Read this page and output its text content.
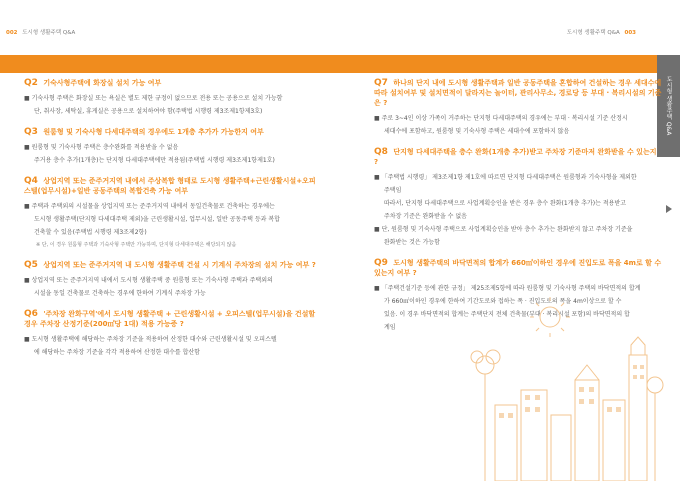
002 도시형 생활주택 Q&A	도시형 생활주택 Q&A 003
도시형 생활주택 Q&A
Q2 기숙사형주택에 화장실 설치 가능 여부

■ 기숙사형 주택은 화장실 또는 욕실은 별도 제한 규정이 없으므로 전용 또는 공용으로 설치 가능함

단, 취사장, 세탁실, 휴게실은 공용으로 설치하여야 함(주택법 시행령 제3조제1항제3호)

Q3 원룸형 및 기숙사형 다세대주택의 경우에도 1개층 추가가 가능한지 여부

■ 원룸형 및 기숙사형 주택은 층수완화를 적용받을 수 없음

주거용 층수 추가(1개층)는 단지형 다세대주택에만 적용됨(주택법 시행령 제3조제1항제1호)

Q4 상업지역 또는 준주거지역 내에서 주상복합 형태로 도시형 생활주택+근린생활시설+오피스텔(업무시설)+일반 공동주택의 복합건축 가능 여부

■ 주택과 주택외의 시설물을 상업지역 또는 준주거지역 내에서 동일건축물로 건축하는 경우에는

도시형 생활주택(단지형 다세대주택 제외)을 근린생활시설, 업무시설, 일반 공동주택 등과 복합

건축할 수 있음(주택법 시행령 제3조제2항)

※ 단, 이 경우 원룸형 주택과 기숙사형 주택만 가능하며, 단지형 다세대주택은 해당되지 않음
Q5 상업지역 또는 준주거지역 내 도시형 생활주택 건설 시 기계식 주차장의 설치 가능 여부 ?

■ 상업지역 또는 준주거지역 내에서 도시형 생활주택 중 원룸형 또는 기숙사형 주택과 주택외의

시설을 동일 건축물로 건축하는 경우에 한하여 기계식 주차장 가능

Q6 '주차장 완화구역'에서 도시형 생활주택 + 근린생활시설 + 오피스텔(업무시설)을 건설할 경우 주차장 산정기준(200㎡당 1대) 적용 가능증 ?

■ 도시형 생활주택에 해당하는 주차장 기준을 적용하여 산정한 대수와 근린생활시설 및 오피스텔

에 해당하는 주차장 기준을 각각 적용하여 산정한 대수를 합산함

Q7 하나의 단지 내에 도시형 생활주택과 일반 공동주택을 혼합하여 건설하는 경우 세대수에 따라 설치여부 및 설치면적이 달라지는 놀이터, 관리사무소, 경로당 등 부대 · 복리시설의 기준은 ?

■ 주로 3~4인 이상 가족이 거주하는 단지형 다세대주택의 경우에는 부대 · 복리시설 기준 산정시

세대수에 포함하고, 원룸형 및 기숙사형 주택은 세대수에 포함하지 않음

Q8 단지형 다세대주택을 층수 완화(1개층 추가)받고 주차장 기준마저 완화받을 수 있는지 ?

■ 「주택법 시행령」 제3조제1항 제1호에 따르면 단지형 다세대주택은 원룸형과 기숙사형을 제외한

주택임

따라서, 단지형 다세대주택으로 사업계획승인을 받은 경우 층수 완화(1개층 추가)는 적용받고

주차장 기준은 완화받을 수 없음

■ 단, 원룸형 및 기숙사형 주택으로 사업계획승인을 받아 층수 추가는 완화받지 않고 주차장 기준을

완화받는 것은 가능함

Q9 도시형 생활주택의 바닥면적의 합계가 660㎡이하인 경우에 진입도로 폭을 4m로 할 수 있는지 여부 ?

■ 「주택건설기준 등에 관한 규정」 제25조제5항에 따라 원룸형 및 기숙사형 주택의 바닥면적의 합계

가 660㎡이하인 경우에 한하여 기간도로와 접하는 폭 · 진입도로의 폭을 4m이상으로 할 수

있음. 이 경우 바닥면적의 합계는 주택단지 전체 건축물(부대 · 복리시설 포함)의 바닥면적의 합

계임
